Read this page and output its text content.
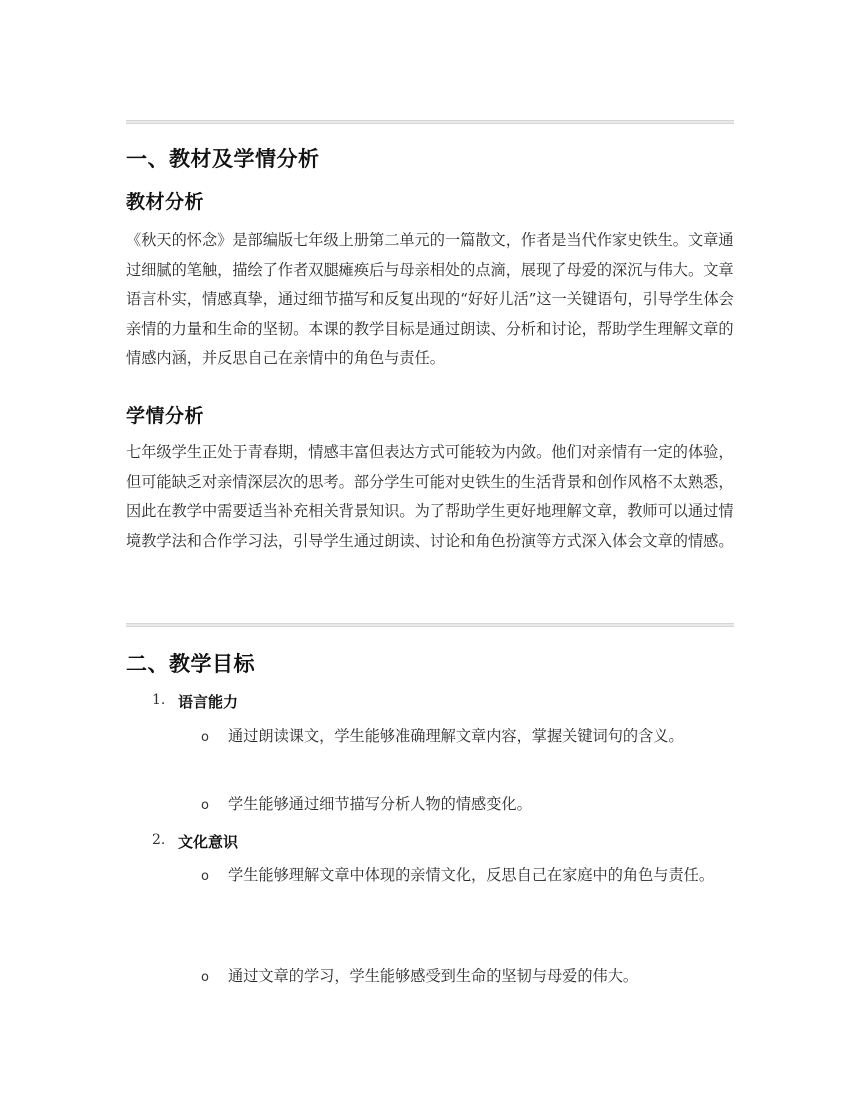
一、教材及学情分析
教材分析

《秋天的怀念》是部编版七年级上册第二单元的一篇散文，作者是当代作家史铁生。文章通过细腻的笔触，描绘了作者双腿瘫痪后与母亲相处的点滴，展现了母爱的深沉与伟大。文章语言朴实，情感真挚，通过细节描写和反复出现的“好好儿活”这一关键语句，引导学生体会亲情的力量和生命的坚韧。本课的教学目标是通过朗读、分析和讨论，帮助学生理解文章的情感内涵，并反思自己在亲情中的角色与责任。

学情分析

七年级学生正处于青春期，情感丰富但表达方式可能较为内敛。他们对亲情有一定的体验，但可能缺乏对亲情深层次的思考。部分学生可能对史铁生的生活背景和创作风格不太熟悉，因此在教学中需要适当补充相关背景知识。为了帮助学生更好地理解文章，教师可以通过情境教学法和合作学习法，引导学生通过朗读、讨论和角色扮演等方式深入体会文章的情感。

二、教学目标
1. 语言能力
o 通过朗读课文，学生能够准确理解文章内容，掌握关键词句的含义。

o 学生能够通过细节描写分析人物的情感变化。

2. 文化意识
o 学生能够理解文章中体现的亲情文化，反思自己在家庭中的角色与责任。

o 通过文章的学习，学生能够感受到生命的坚韧与母爱的伟大。
